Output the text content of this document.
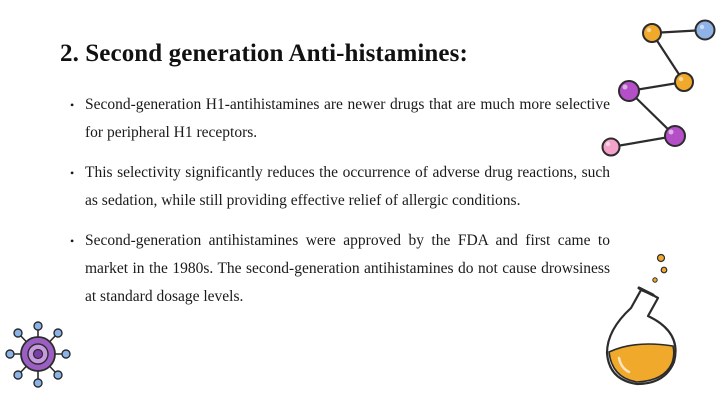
2. Second generation Anti-histamines:
• Second-generation H1-antihistamines are newer drugs that are much more selective for peripheral H1 receptors.
• This selectivity significantly reduces the occurrence of adverse drug reactions, such as sedation, while still providing effective relief of allergic conditions.
• Second-generation antihistamines were approved by the FDA and first came to market in the 1980s. The second-generation antihistamines do not cause drowsiness at standard dosage levels.
